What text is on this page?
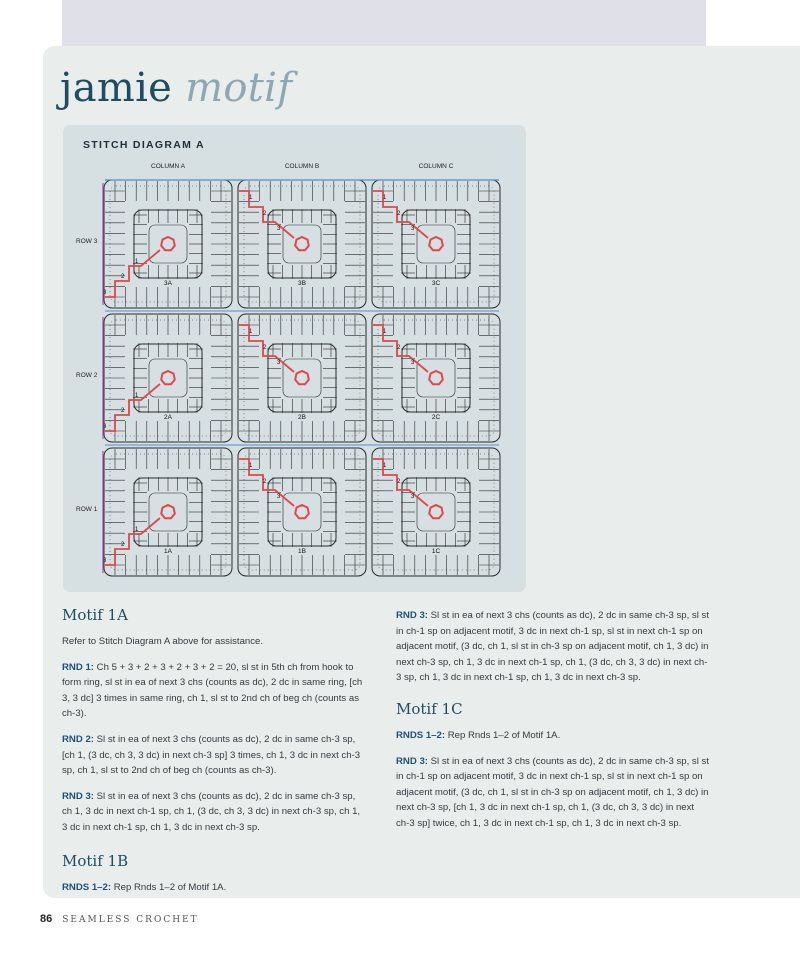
jamie motif
STITCH DIAGRAM A
COLUMN A	COLUMN B	COLUMN C
ROW 3
ROW 2
ROW 1
1
2
3
3A
1
2
3
3B
1
2
3
3C
1
2
3
2A
1
2
3
2B
1
2
3
2C
1
2
3
1A
1
2
3
1B
1
2
3
1C
Motif 1A

Refer to Stitch Diagram A above for assistance.

RND 1: Ch 5 + 3 + 2 + 3 + 2 + 3 + 2 = 20, sl st in 5th ch from hook to form ring, sl st in ea of next 3 chs (counts as dc), 2 dc in same ring, [ch 3, 3 dc] 3 times in same ring, ch 1, sl st to 2nd ch of beg ch (counts as ch-3).

RND 2: Sl st in ea of next 3 chs (counts as dc), 2 dc in same ch-3 sp, [ch 1, (3 dc, ch 3, 3 dc) in next ch-3 sp] 3 times, ch 1, 3 dc in next ch-3 sp, ch 1, sl st to 2nd ch of beg ch (counts as ch-3).

RND 3: Sl st in ea of next 3 chs (counts as dc), 2 dc in same ch-3 sp, ch 1, 3 dc in next ch-1 sp, ch 1, (3 dc, ch 3, 3 dc) in next ch-3 sp, ch 1, 3 dc in next ch-1 sp, ch 1, 3 dc in next ch-3 sp.

Motif 1B

RNDS 1–2: Rep Rnds 1–2 of Motif 1A.

RND 3: Sl st in ea of next 3 chs (counts as dc), 2 dc in same ch-3 sp, sl st in ch-1 sp on adjacent motif, 3 dc in next ch-1 sp, sl st in next ch-1 sp on adjacent motif, (3 dc, ch 1, sl st in ch-3 sp on adjacent motif, ch 1, 3 dc) in next ch-3 sp, ch 1, 3 dc in next ch-1 sp, ch 1, (3 dc, ch 3, 3 dc) in next ch-3 sp, ch 1, 3 dc in next ch-1 sp, ch 1, 3 dc in next ch-3 sp.

Motif 1C

RNDS 1–2: Rep Rnds 1–2 of Motif 1A.

RND 3: Sl st in ea of next 3 chs (counts as dc), 2 dc in same ch-3 sp, sl st in ch-1 sp on adjacent motif, 3 dc in next ch-1 sp, sl st in next ch-1 sp on adjacent motif, (3 dc, ch 1, sl st in ch-3 sp on adjacent motif, ch 1, 3 dc) in next ch-3 sp, [ch 1, 3 dc in next ch-1 sp, ch 1, (3 dc, ch 3, 3 dc) in next ch-3 sp] twice, ch 1, 3 dc in next ch-1 sp, ch 1, 3 dc in next ch-3 sp.

86 SEAMLESS CROCHET
